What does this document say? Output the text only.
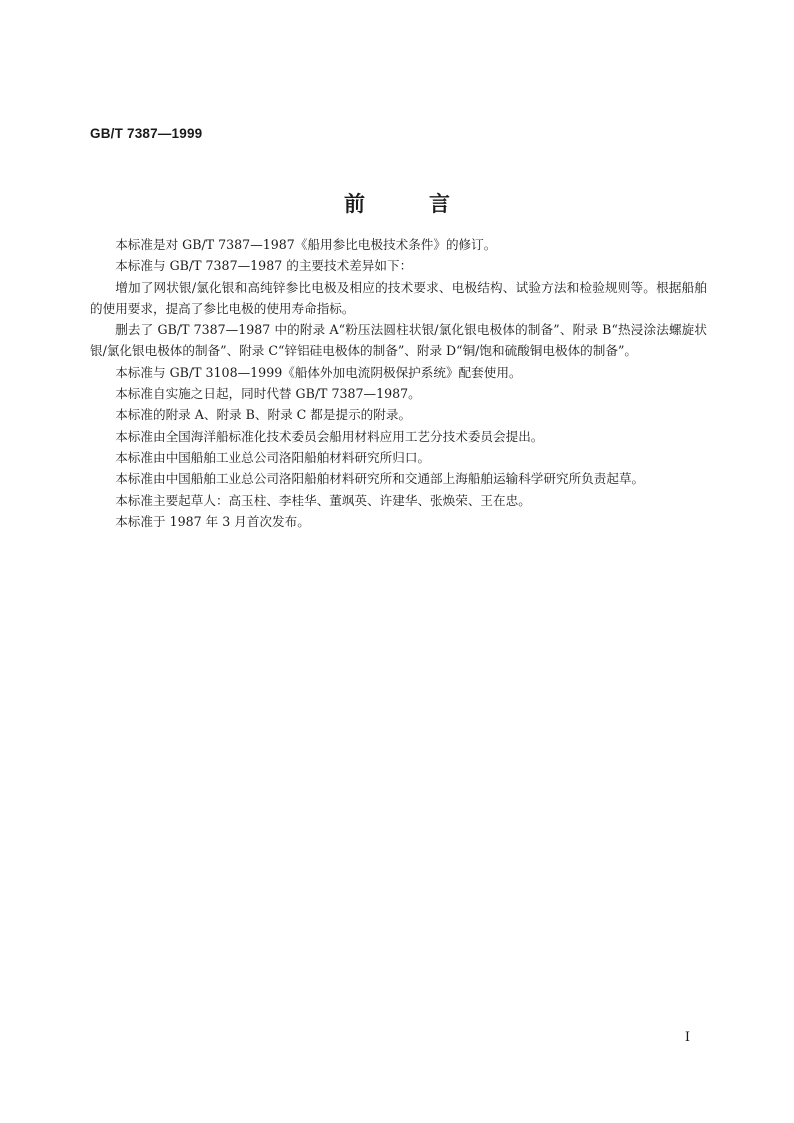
GB/T 7387—1999
前言

本标准是对 GB/T 7387—1987《船用参比电极技术条件》的修订。

本标准与 GB/T 7387—1987 的主要技术差异如下：

增加了网状银/氯化银和高纯锌参比电极及相应的技术要求、电极结构、试验方法和检验规则等。根据船舶的使用要求，提高了参比电极的使用寿命指标。

删去了 GB/T 7387—1987 中的附录 A“粉压法圆柱状银/氯化银电极体的制备”、附录 B“热浸涂法螺旋状银/氯化银电极体的制备”、附录 C“锌铝硅电极体的制备”、附录 D“铜/饱和硫酸铜电极体的制备”。

本标准与 GB/T 3108—1999《船体外加电流阴极保护系统》配套使用。

本标准自实施之日起，同时代替 GB/T 7387—1987。

本标准的附录 A、附录 B、附录 C 都是提示的附录。

本标准由全国海洋船标准化技术委员会船用材料应用工艺分技术委员会提出。

本标准由中国船舶工业总公司洛阳船舶材料研究所归口。

本标准由中国船舶工业总公司洛阳船舶材料研究所和交通部上海船舶运输科学研究所负责起草。

本标准主要起草人：高玉柱、李桂华、董飒英、许建华、张焕荣、王在忠。

本标准于 1987 年 3 月首次发布。

I
